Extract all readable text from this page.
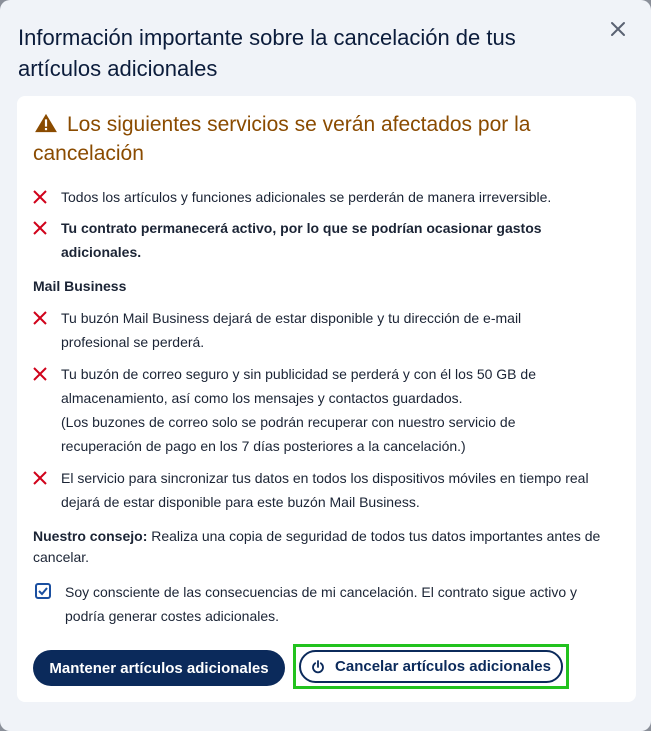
Información importante sobre la cancelación de tus artículos adicionales
Los siguientes servicios se verán afectados por la cancelación
Todos los artículos y funciones adicionales se perderán de manera irreversible.
Tu contrato permanecerá activo, por lo que se podrían ocasionar gastos adicionales.
Mail Business
Tu buzón Mail Business dejará de estar disponible y tu dirección de e-mail profesional se perderá.
Tu buzón de correo seguro y sin publicidad se perderá y con él los 50 GB de almacenamiento, así como los mensajes y contactos guardados.
(Los buzones de correo solo se podrán recuperar con nuestro servicio de recuperación de pago en los 7 días posteriores a la cancelación.)
El servicio para sincronizar tus datos en todos los dispositivos móviles en tiempo real dejará de estar disponible para este buzón Mail Business.
Nuestro consejo: Realiza una copia de seguridad de todos tus datos importantes antes de cancelar.
Soy consciente de las consecuencias de mi cancelación. El contrato sigue activo y podría generar costes adicionales.
Mantener artículos adicionales	Cancelar artículos adicionales
